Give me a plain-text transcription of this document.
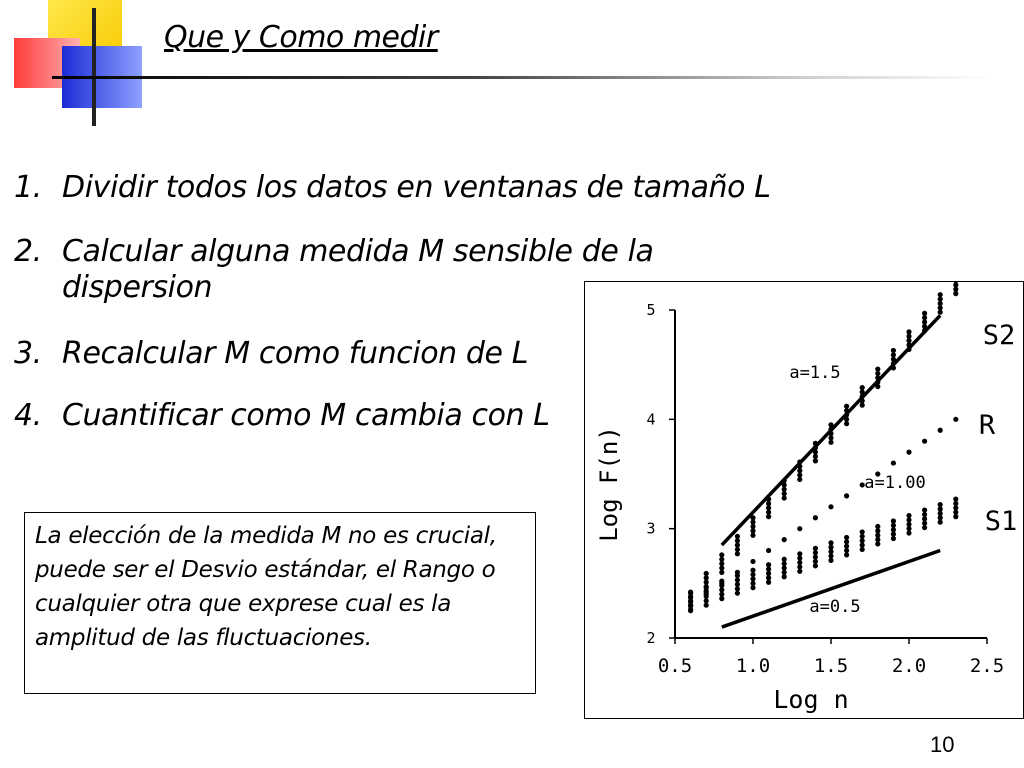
Que y Como medir
1. Dividir todos los datos en ventanas de tamaño L
2. Calcular alguna medida M sensible de la
dispersion
3. Recalcular M como funcion de L
4. Cuantificar como M cambia con L
La elección de la medida M no es crucial, puede ser el Desvio estándar, el Rango o cualquier otra que exprese cual es la amplitud de las fluctuaciones.
0.5 1.0 1.5 2.0 2.5
2
3
4
5
Log n
Log F(n)
a=1.5
a=1.00
a=0.5
S2
R
S1
10
